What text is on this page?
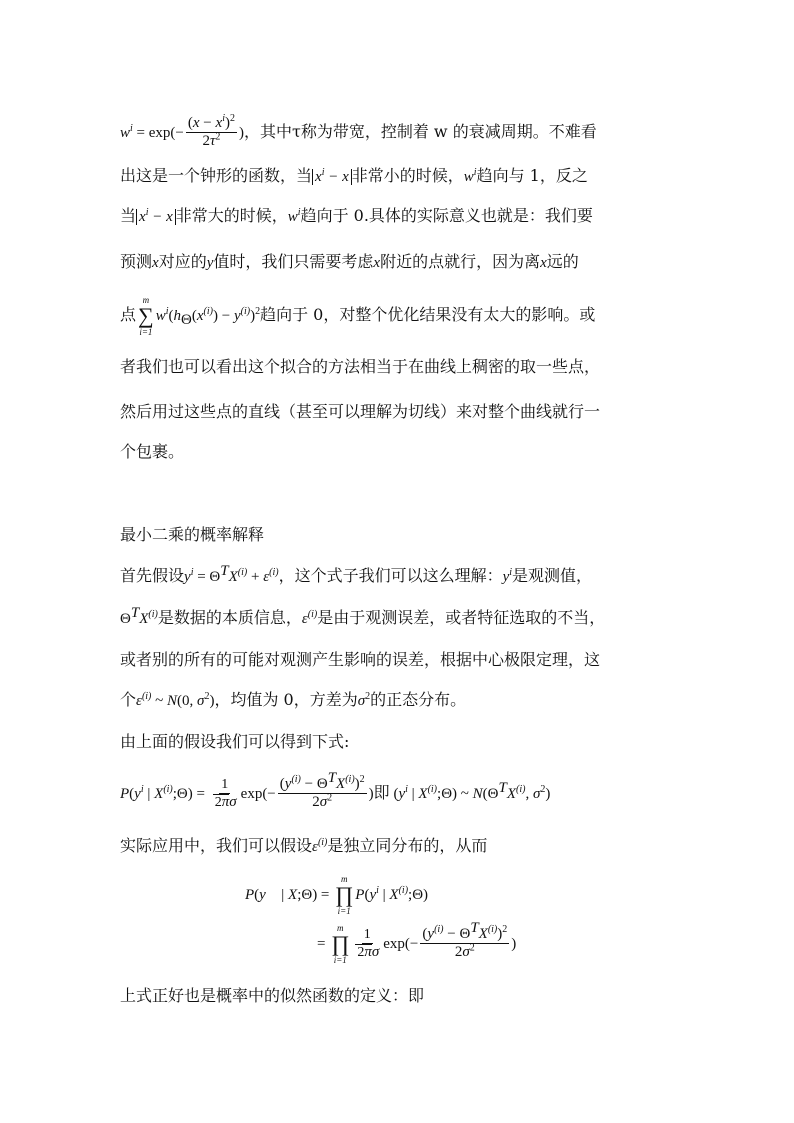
$w^i = \exp(- \frac{(x - x^i)^2}{2\tau^2}$ )，其中τ称为带宽，控制着 w 的衰减周期。不难看
出这是一个钟形的函数，当 $x^i - x$ 非常小的时候，$w^i$趋向与 1，反之
当 $x^i - x$ 非常大的时候，$w^i$趋向于 0.具体的实际意义也就是：我们要
预测x对应的y值时，我们只需要考虑x附近的点就行，因为离x远的
点
m
∑
i=1
$w^i(h_\Theta(x^{(i)}) - y^{(i)})^2$趋向于 0，对整个优化结果没有太大的影响。或
者我们也可以看出这个拟合的方法相当于在曲线上稠密的取一些点，
然后用过这些点的直线（甚至可以理解为切线）来对整个曲线就行一
个包裹。
最小二乘的概率解释
首先假设$y^i = \Theta^TX^{(i)} + \varepsilon^{(i)}$，这个式子我们可以这么理解：$y^i$是观测值，
$\Theta^TX^{(i)}$是数据的本质信息，$\varepsilon^{(i)}$是由于观测误差，或者特征选取的不当，
或者别的所有的可能对观测产生影响的误差，根据中心极限定理，这
个$\varepsilon^{(i)}$ ~ N(0, $\sigma^2$)，均值为 0，方差为$\sigma^2$的正态分布。
由上面的假设我们可以得到下式:
$P(y^i$ | $X^{(i)};\Theta) = \frac{1}{2\pi\sigma} \exp(- \frac{(y^{(i)} - \Theta^TX^{(i)})^2}{2\sigma^2}$ )即 ($y^i$ | $X^{(i)};\Theta$) ~ $N(\Theta^TX^{(i)}$, $\sigma^2$)
实际应用中，我们可以假设$\varepsilon^{(i)}$是独立同分布的，从而
P(y⃗ | X;Θ) =
m
∏
i=1
$P(y^i$ | $X^{(i)};\Theta$)
=
m
∏
$i=1 \frac{1}{2\pi\sigma} \exp(- \frac{(y^{(i)} - \Theta^TX^{(i)})^2}{2\sigma^2}$ )
上式正好也是概率中的似然函数的定义：即
